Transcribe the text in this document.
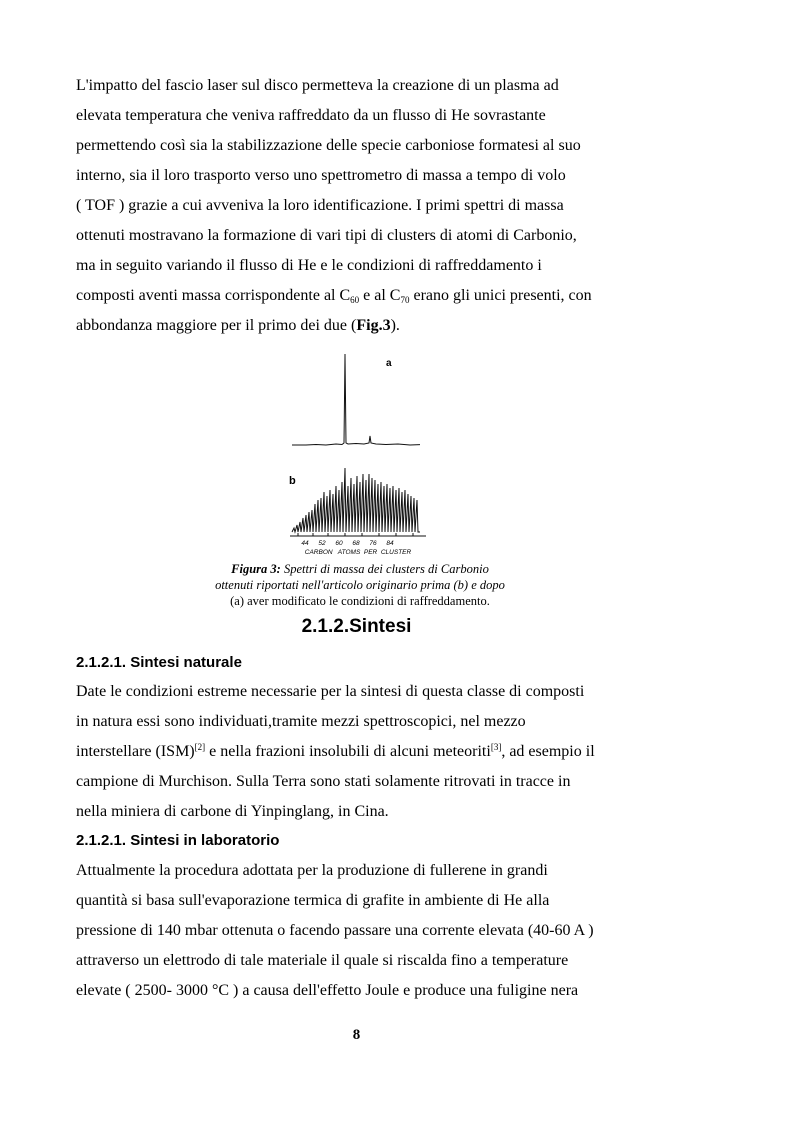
L'impatto del fascio laser sul disco permetteva la creazione di un plasma ad
elevata temperatura che veniva raffreddato da un flusso di He sovrastante
permettendo così sia la stabilizzazione delle specie carboniose formatesi al suo
interno, sia il loro trasporto verso uno spettrometro di massa a tempo di volo
( TOF ) grazie a cui avveniva la loro identificazione. I primi spettri di massa
ottenuti mostravano la formazione di vari tipi di clusters di atomi di Carbonio,
ma in seguito variando il flusso di He e le condizioni di raffreddamento i
composti aventi massa corrispondente al $C_{60}$ e al $C_{70}$ erano gli unici presenti, con
abbondanza maggiore per il primo dei due (Fig.3).
a
b
44 52 60 68 76 84
CARBON   ATOMS  PER  CLUSTER
Figura 3: Spettri di massa dei clusters di Carbonio
ottenuti riportati nell'articolo originario prima (b) e dopo
(a) aver modificato le condizioni di raffreddamento.
2.1.2.Sintesi
2.1.2.1. Sintesi naturale
Date le condizioni estreme necessarie per la sintesi di questa classe di composti
in natura essi sono individuati,tramite mezzi spettroscopici, nel mezzo
interstellare (ISM)[2] e nella frazioni insolubili di alcuni meteoriti[3], ad esempio il
campione di Murchison. Sulla Terra sono stati solamente ritrovati in tracce in
nella miniera di carbone di Yinpinglang, in Cina.
2.1.2.1. Sintesi in laboratorio
Attualmente la procedura adottata per la produzione di fullerene in grandi
quantità si basa sull'evaporazione termica di grafite in ambiente di He alla
pressione di 140 mbar ottenuta o facendo passare una corrente elevata (40-60 A )
attraverso un elettrodo di tale materiale il quale si riscalda fino a temperature
elevate ( 2500- 3000 °C ) a causa dell'effetto Joule e produce una fuligine nera
8
